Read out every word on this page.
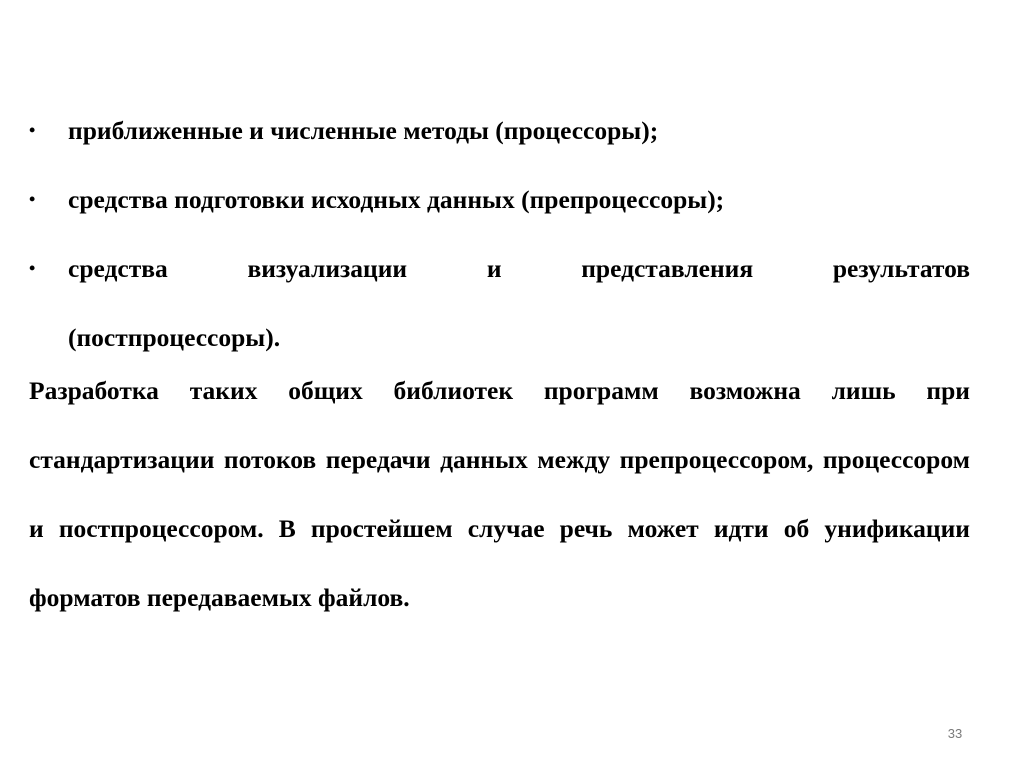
•	приближенные и численные методы (процессоры);
•	средства подготовки исходных данных (препроцессоры);
•	средства визуализации и представления результатов
(постпроцессоры).

Разработка таких общих библиотек программ возможна лишь при стандартизации потоков передачи данных между препроцессором, процессором и постпроцессором. В простейшем случае речь может идти об унификации форматов передаваемых файлов.

33
